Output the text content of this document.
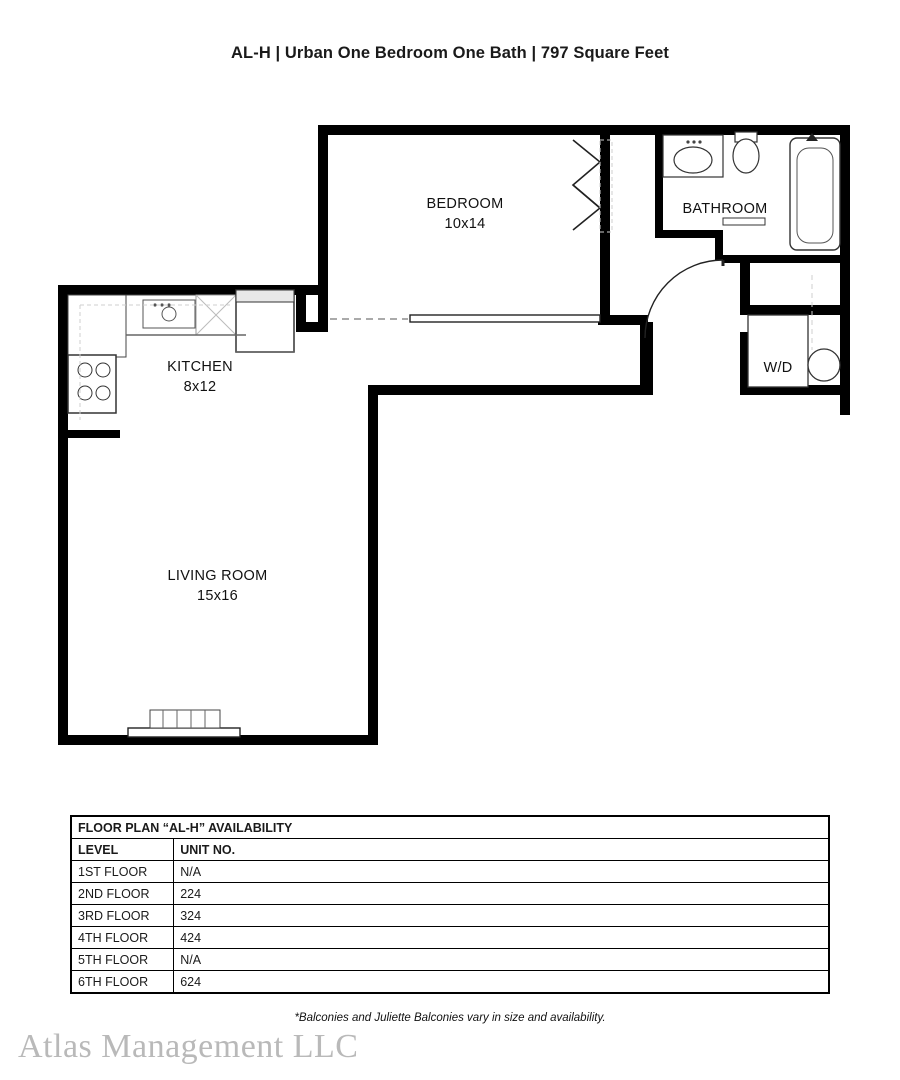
AL-H | Urban One Bedroom One Bath | 797 Square Feet
BEDROOM
10x14
BATHROOM
KITCHEN
8x12
W/D
LIVING ROOM
15x16
FLOOR PLAN “AL-H” AVAILABILITY	
LEVEL	UNIT NO.
1ST FLOOR	N/A
2ND FLOOR	224
3RD FLOOR	324
4TH FLOOR	424
5TH FLOOR	N/A
6TH FLOOR	624
*Balconies and Juliette Balconies vary in size and availability.
Atlas Management LLC
